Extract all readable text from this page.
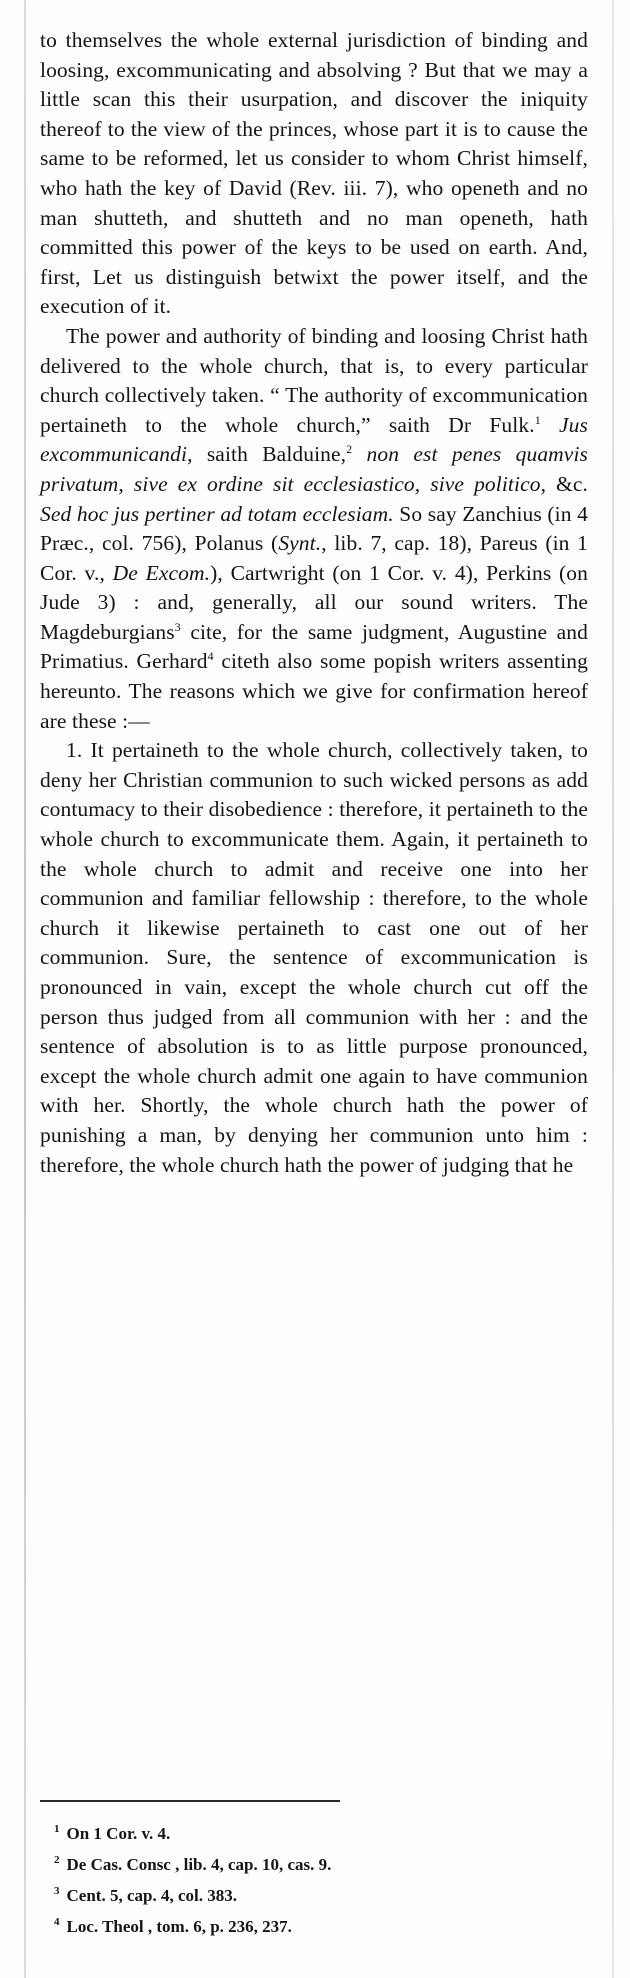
to themselves the whole external jurisdiction of binding and loosing, excommunicating and absolving ? But that we may a little scan this their usurpation, and discover the iniquity thereof to the view of the princes, whose part it is to cause the same to be reformed, let us consider to whom Christ himself, who hath the key of David (Rev. iii. 7), who openeth and no man shutteth, and shutteth and no man openeth, hath committed this power of the keys to be used on earth. And, first, Let us distinguish betwixt the power itself, and the execution of it.

The power and authority of binding and loosing Christ hath delivered to the whole church, that is, to every particular church collectively taken. “ The authority of excommunication pertaineth to the whole church,” saith Dr Fulk.$^1$ Jus excommunicandi, saith Balduine,$^2$ non est penes quamvis privatum, sive ex ordine sit ecclesiastico, sive politico, &c. Sed hoc jus pertiner ad totam ecclesiam. So say Zanchius (in 4 Præc., col. 756), Polanus (Synt., lib. 7, cap. 18), Pareus (in 1 Cor. v., De Excom.), Cartwright (on 1 Cor. v. 4), Perkins (on Jude 3) : and, generally, all our sound writers. The Magdeburgians$^3$ cite, for the same judgment, Augustine and Primatius. Gerhard$^4$ citeth also some popish writers assenting hereunto. The reasons which we give for confirmation hereof are these :—

1. It pertaineth to the whole church, collectively taken, to deny her Christian communion to such wicked persons as add contumacy to their disobedience : therefore, it pertaineth to the whole church to excommunicate them. Again, it pertaineth to the whole church to admit and receive one into her communion and familiar fellowship : therefore, to the whole church it likewise pertaineth to cast one out of her communion. Sure, the sentence of excommunication is pronounced in vain, except the whole church cut off the person thus judged from all communion with her : and the sentence of absolution is to as little purpose pronounced, except the whole church admit one again to have communion with her. Shortly, the whole church hath the power of punishing a man, by denying her communion unto him : therefore, the whole church hath the power of judging that he

$^1$ On 1 Cor. v. 4.
$^2$ De Cas. Consc , lib. 4, cap. 10, cas. 9.
$^3$ Cent. 5, cap. 4, col. 383.
$^4$ Loc. Theol , tom. 6, p. 236, 237.
